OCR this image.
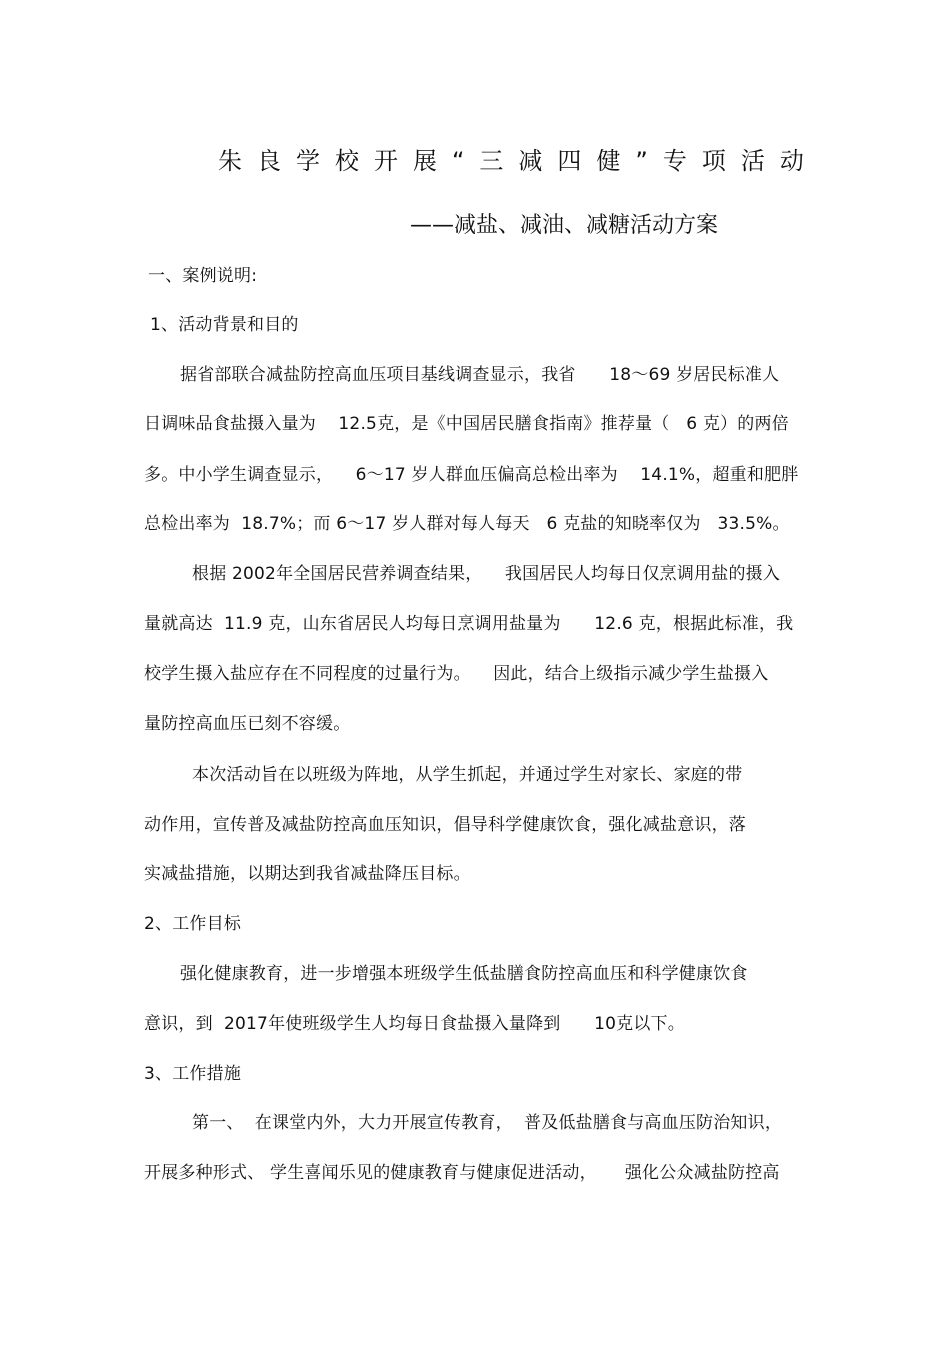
朱良学校开展“三减四健”专项活动
——减盐、减油、减糖活动方案
一、案例说明:
1、活动背景和目的
据省部联合减盐防控高血压项目基线调查显示，我省      18～69 岁居民标准人
日调味品食盐摄入量为    12.5克，是《中国居民膳食指南》推荐量（   6 克）的两倍
多。中小学生调查显示，    6～17 岁人群血压偏高总检出率为    14.1%，超重和肥胖
总检出率为  18.7%；而 6～17 岁人群对每人每天   6 克盐的知晓率仅为   33.5%。
根据 2002年全国居民营养调查结果，    我国居民人均每日仅烹调用盐的摄入
量就高达  11.9 克，山东省居民人均每日烹调用盐量为      12.6 克，根据此标准，我
校学生摄入盐应存在不同程度的过量行为。    因此，结合上级指示减少学生盐摄入
量防控高血压已刻不容缓。
本次活动旨在以班级为阵地，从学生抓起，并通过学生对家长、家庭的带
动作用，宣传普及减盐防控高血压知识，倡导科学健康饮食，强化减盐意识，落
实减盐措施，以期达到我省减盐降压目标。
2、工作目标
强化健康教育，进一步增强本班级学生低盐膳食防控高血压和科学健康饮食
意识，到  2017年使班级学生人均每日食盐摄入量降到      10克以下。
3、工作措施
第一、  在课堂内外，大力开展宣传教育，  普及低盐膳食与高血压防治知识，
开展多种形式、 学生喜闻乐见的健康教育与健康促进活动，     强化公众减盐防控高
